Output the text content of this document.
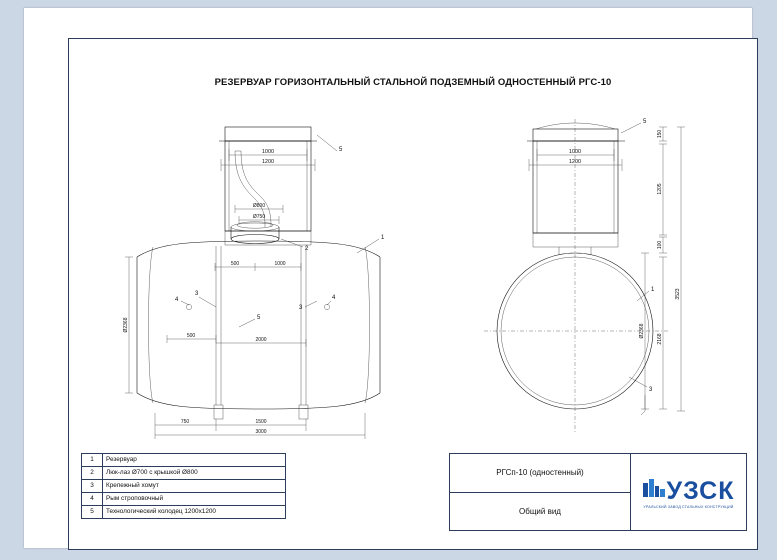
РЕЗЕРВУАР ГОРИЗОНТАЛЬНЫЙ СТАЛЬНОЙ ПОДЗЕМНЫЙ ОДНОСТЕННЫЙ РГС-10
1000
1200
Ø800
Ø750
5
2
1
4	4
3
3
5
Ø2368
500	1000
500
2000
750	1500
3000
5
1
3
1000
1200
150
1205
100
3523
Ø2368
2168
1	Резервуар
2	Люк-лаз Ø700 с крышкой Ø800
3	Крепежный хомут
4	Рым строповочный
5	Технологический колодец 1200х1200
РГСп-10 (одностенный)
Общий вид
УЗСК
УРАЛЬСКИЙ ЗАВОД СТАЛЬНЫХ КОНСТРУКЦИЙ
